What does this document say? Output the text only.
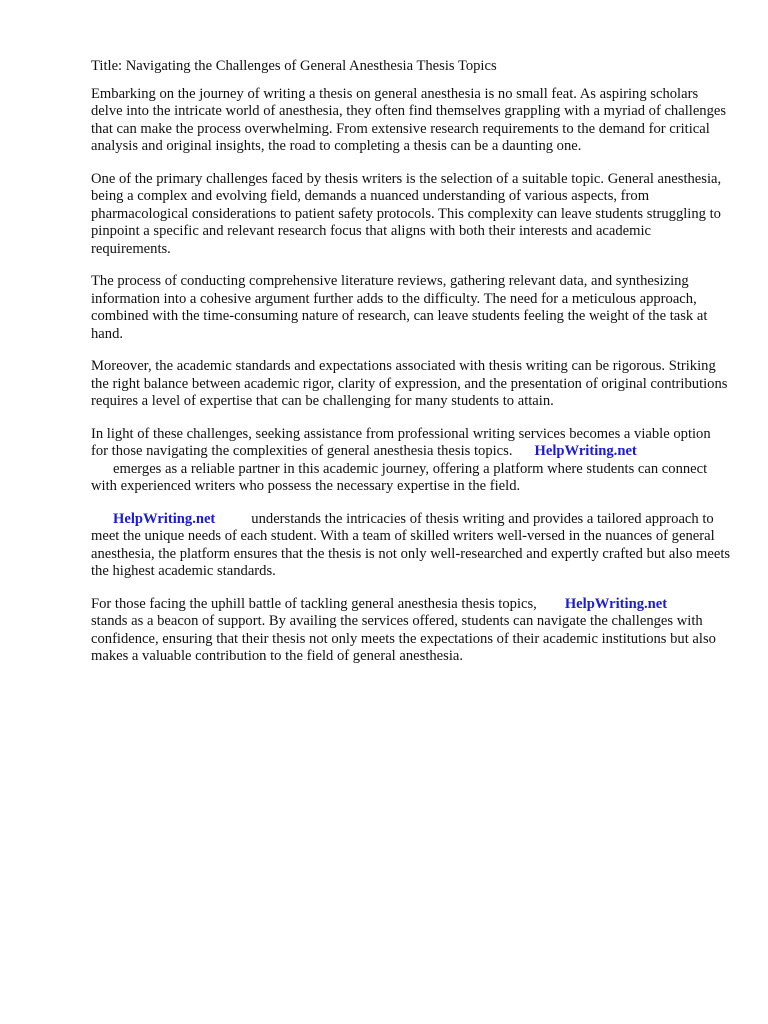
Title: Navigating the Challenges of General Anesthesia Thesis Topics

Embarking on the journey of writing a thesis on general anesthesia is no small feat. As aspiring scholars delve into the intricate world of anesthesia, they often find themselves grappling with a myriad of challenges that can make the process overwhelming. From extensive research requirements to the demand for critical analysis and original insights, the road to completing a thesis can be a daunting one.

One of the primary challenges faced by thesis writers is the selection of a suitable topic. General anesthesia, being a complex and evolving field, demands a nuanced understanding of various aspects, from pharmacological considerations to patient safety protocols. This complexity can leave students struggling to pinpoint a specific and relevant research focus that aligns with both their interests and academic requirements.

The process of conducting comprehensive literature reviews, gathering relevant data, and synthesizing information into a cohesive argument further adds to the difficulty. The need for a meticulous approach, combined with the time-consuming nature of research, can leave students feeling the weight of the task at hand.

Moreover, the academic standards and expectations associated with thesis writing can be rigorous. Striking the right balance between academic rigor, clarity of expression, and the presentation of original contributions requires a level of expertise that can be challenging for many students to attain.

In light of these challenges, seeking assistance from professional writing services becomes a viable option for those navigating the complexities of general anesthesia thesis topics. HelpWriting.net
emerges as a reliable partner in this academic journey, offering a platform where students can connect with experienced writers who possess the necessary expertise in the field.

HelpWriting.net understands the intricacies of thesis writing and provides a tailored approach to meet the unique needs of each student. With a team of skilled writers well-versed in the nuances of general anesthesia, the platform ensures that the thesis is not only well-researched and expertly crafted but also meets the highest academic standards.

For those facing the uphill battle of tackling general anesthesia thesis topics, HelpWriting.net
stands as a beacon of support. By availing the services offered, students can navigate the challenges with confidence, ensuring that their thesis not only meets the expectations of their academic institutions but also makes a valuable contribution to the field of general anesthesia.
